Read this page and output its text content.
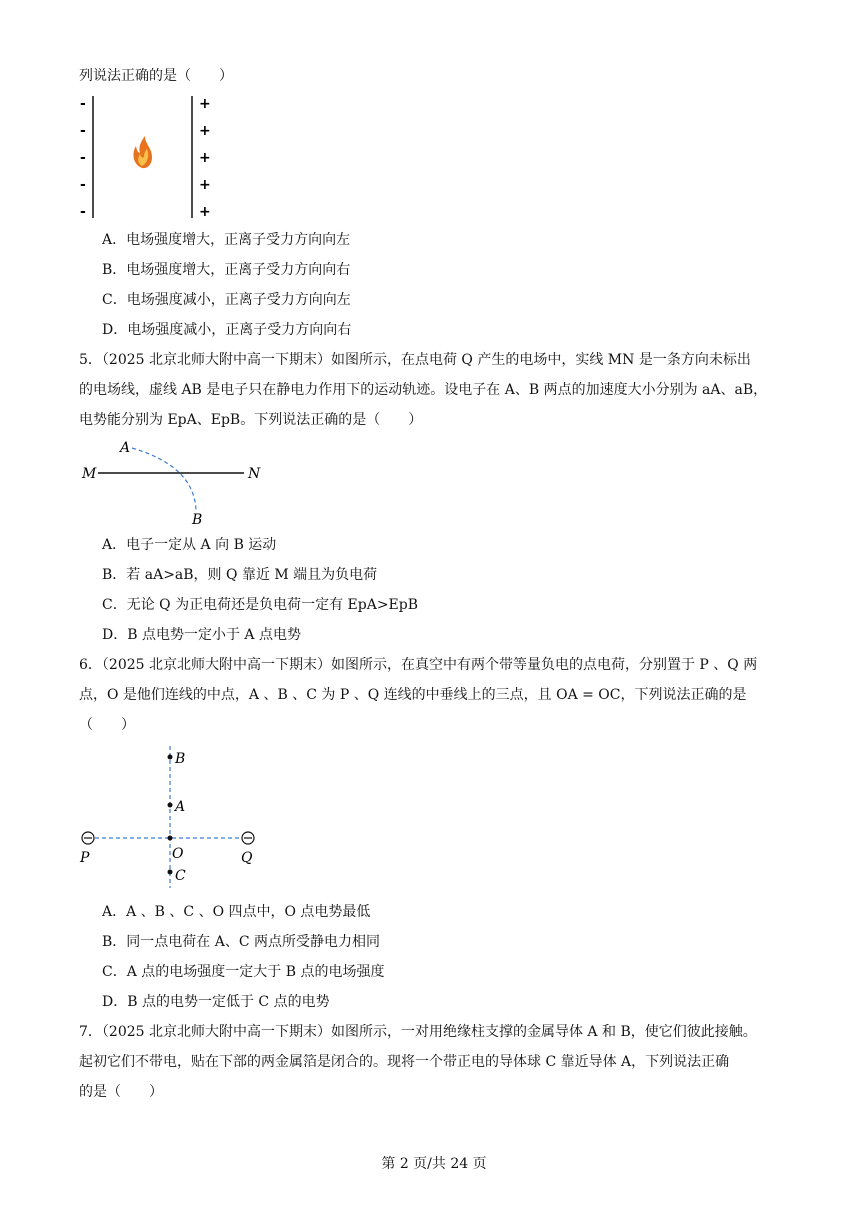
列说法正确的是（　　）
-
-
-
-
-
+
+
+
+
+
A．电场强度增大，正离子受力方向向左
B．电场强度增大，正离子受力方向向右
C．电场强度减小，正离子受力方向向左
D．电场强度减小，正离子受力方向向右
5．（2025 北京北师大附中高一下期末）如图所示，在点电荷 Q 产生的电场中，实线 MN 是一条方向未标出
的电场线，虚线 AB 是电子只在静电力作用下的运动轨迹。设电子在 A、B 两点的加速度大小分别为 aA、aB，
电势能分别为 EpA、EpB。下列说法正确的是（　　）
M	N
A
B
A．电子一定从 A 向 B 运动
B．若 aA>aB，则 Q 靠近 M 端且为负电荷
C．无论 Q 为正电荷还是负电荷一定有 EpA>EpB
D．B 点电势一定小于 A 点电势
6．（2025 北京北师大附中高一下期末）如图所示，在真空中有两个带等量负电的点电荷，分别置于 P 、Q 两
点，O 是他们连线的中点，A 、B 、C 为 P 、Q 连线的中垂线上的三点，且 OA = OC，下列说法正确的是
（　　）
B
A
O
C
P	Q
A．A 、B 、C 、O 四点中，O 点电势最低
B．同一点电荷在 A、C 两点所受静电力相同
C．A 点的电场强度一定大于 B 点的电场强度
D．B 点的电势一定低于 C 点的电势
7．（2025 北京北师大附中高一下期末）如图所示，一对用绝缘柱支撑的金属导体 A 和 B，使它们彼此接触。
起初它们不带电，贴在下部的两金属箔是闭合的。现将一个带正电的导体球 C 靠近导体 A，下列说法正确
的是（　　）
第 2 页/共 24 页
